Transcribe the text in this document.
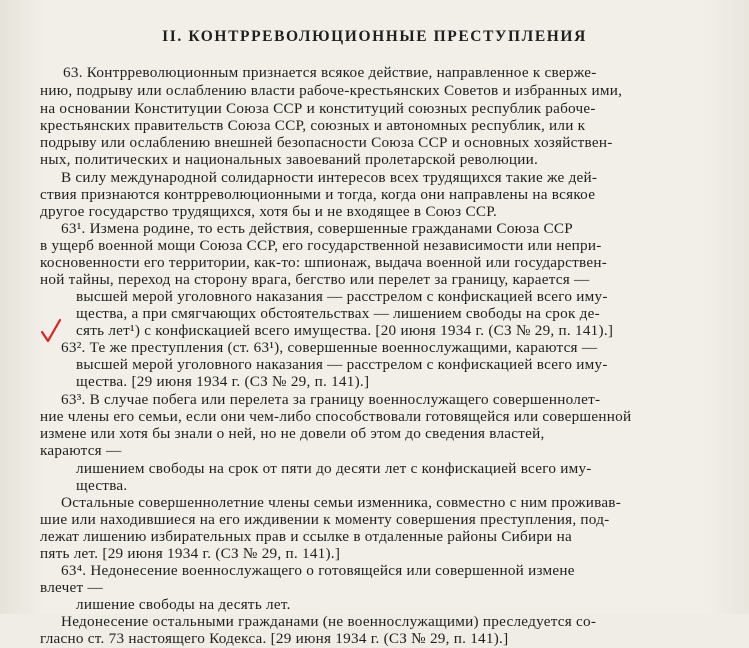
II. КОНТРРЕВОЛЮЦИОННЫЕ ПРЕСТУПЛЕНИЯ
63. Контрреволюционным признается всякое действие, направленное к сверже-
нию, подрыву или ослаблению власти рабоче-крестьянских Советов и избранных ими,
на основании Конституции Союза ССР и конституций союзных республик рабоче-
крестьянских правительств Союза ССР, союзных и автономных республик, или к
подрыву или ослаблению внешней безопасности Союза ССР и основных хозяйствен-
ных, политических и национальных завоеваний пролетарской революции.
В силу международной солидарности интересов всех трудящихся такие же дей-
ствия признаются контрреволюционными и тогда, когда они направлены на всякое
другое государство трудящихся, хотя бы и не входящее в Союз ССР.
63¹. Измена родине, то есть действия, совершенные гражданами Союза ССР
в ущерб военной мощи Союза ССР, его государственной независимости или непри-
косновенности его территории, как-то: шпионаж, выдача военной или государствен-
ной тайны, переход на сторону врага, бегство или перелет за границу, карается —
высшей мерой уголовного наказания — расстрелом с конфискацией всего иму-
щества, а при смягчающих обстоятельствах — лишением свободы на срок де-
сять лет¹) с конфискацией всего имущества. [20 июня 1934 г. (СЗ № 29, п. 141).]
63². Те же преступления (ст. 63¹), совершенные военнослужащими, караются —
высшей мерой уголовного наказания — расстрелом с конфискацией всего иму-
щества. [29 июня 1934 г. (СЗ № 29, п. 141).]
63³. В случае побега или перелета за границу военнослужащего совершеннолет-
ние члены его семьи, если они чем-либо способствовали готовящейся или совершенной
измене или хотя бы знали о ней, но не довели об этом до сведения властей,
караются —
лишением свободы на срок от пяти до десяти лет с конфискацией всего иму-
щества.
Остальные совершеннолетние члены семьи изменника, совместно с ним проживав-
шие или находившиеся на его иждивении к моменту совершения преступления, под-
лежат лишению избирательных прав и ссылке в отдаленные районы Сибири на
пять лет. [29 июня 1934 г. (СЗ № 29, п. 141).]
63⁴. Недонесение военнослужащего о готовящейся или совершенной измене
влечет —
лишение свободы на десять лет.
Недонесение остальными гражданами (не военнослужащими) преследуется со-
гласно ст. 73 настоящего Кодекса. [29 июня 1934 г. (СЗ № 29, п. 141).]
